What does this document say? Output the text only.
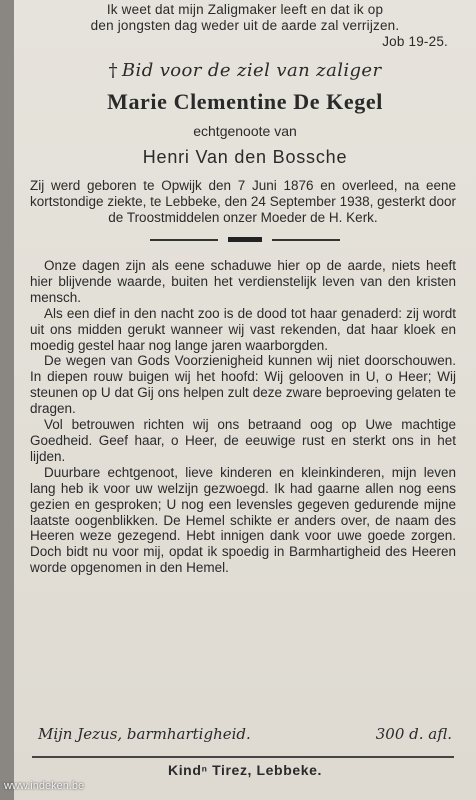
Ik weet dat mijn Zaligmaker leeft en dat ik op
den jongsten dag weder uit de aarde zal verrijzen.
Job 19-25.
† Bid voor de ziel van zaliger
Marie Clementine De Kegel
echtgenoote van
Henri Van den Bossche
Zij werd geboren te Opwijk den 7 Juni 1876 en overleed, na eene kortstondige ziekte, te Lebbeke, den 24 September 1938, gesterkt door de Troostmiddelen onzer Moeder de H. Kerk.

Onze dagen zijn als eene schaduwe hier op de aarde, niets heeft hier blijvende waarde, buiten het verdienstelijk leven van den kristen mensch.

Als een dief in den nacht zoo is de dood tot haar genaderd: zij wordt uit ons midden gerukt wanneer wij vast rekenden, dat haar kloek en moedig gestel haar nog lange jaren waarborgden.

De wegen van Gods Voorzienigheid kunnen wij niet doorschouwen. In diepen rouw buigen wij het hoofd: Wij gelooven in U, o Heer; Wij steunen op U dat Gij ons helpen zult deze zware beproeving gelaten te dragen.

Vol betrouwen richten wij ons betraand oog op Uwe machtige Goedheid. Geef haar, o Heer, de eeuwige rust en sterkt ons in het lijden.

Duurbare echtgenoot, lieve kinderen en kleinkinderen, mijn leven lang heb ik voor uw welzijn gezwoegd. Ik had gaarne allen nog eens gezien en gesproken; U nog een levensles gegeven gedurende mijne laatste oogenblikken. De Hemel schikte er anders over, de naam des Heeren weze gezegend. Hebt innigen dank voor uwe goede zorgen. Doch bidt nu voor mij, opdat ik spoedig in Barmhartigheid des Heeren worde opgenomen in den Hemel.

Mijn Jezus, barmhartigheid.	300 d. afl.
Kindⁿ Tirez, Lebbeke.
www.indeken.be
